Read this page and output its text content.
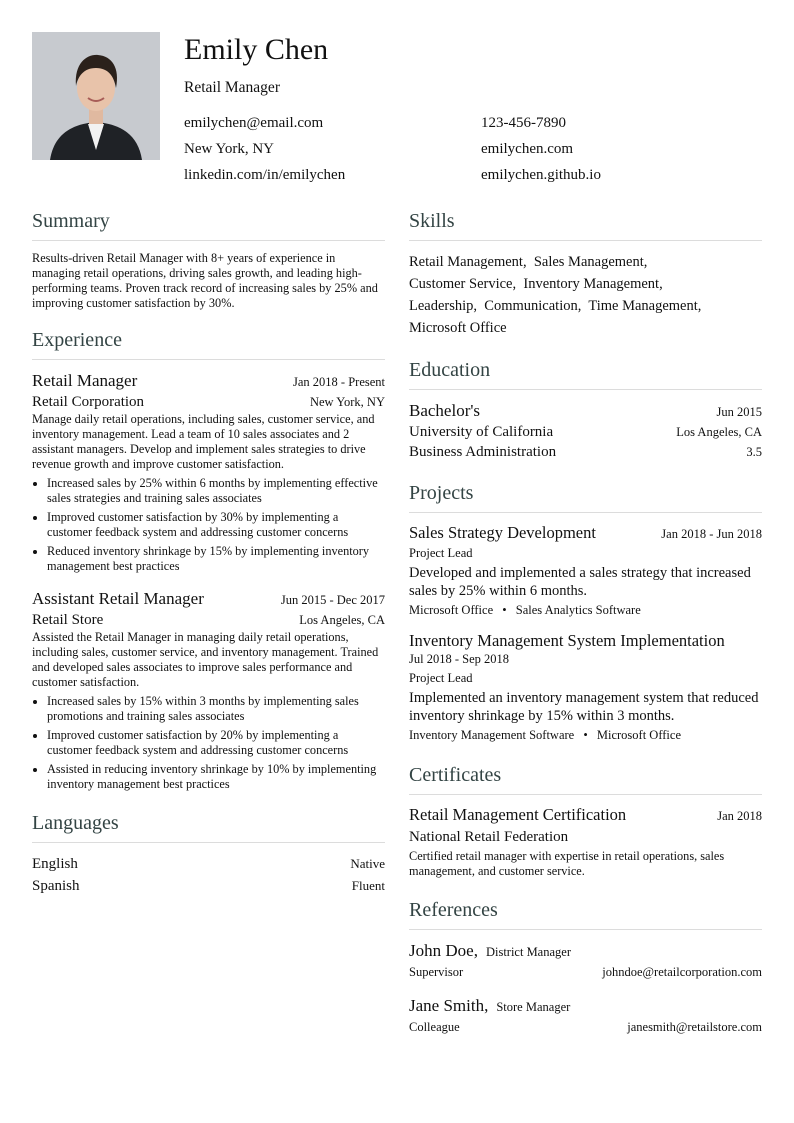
Emily Chen
Retail Manager
emilychen@email.com	123-456-7890
New York, NY	emilychen.com
linkedin.com/in/emilychen	emilychen.github.io
Summary
Results-driven Retail Manager with 8+ years of experience in managing retail operations, driving sales growth, and leading high-performing teams. Proven track record of increasing sales by 25% and improving customer satisfaction by 30%.
Experience
Retail Manager	Jan 2018 - Present
Retail Corporation	New York, NY
Manage daily retail operations, including sales, customer service, and inventory management. Lead a team of 10 sales associates and 2 assistant managers. Develop and implement sales strategies to drive revenue growth and improve customer satisfaction.
• Increased sales by 25% within 6 months by implementing effective sales strategies and training sales associates
• Improved customer satisfaction by 30% by implementing a customer feedback system and addressing customer concerns
• Reduced inventory shrinkage by 15% by implementing inventory management best practices
Assistant Retail Manager	Jun 2015 - Dec 2017
Retail Store	Los Angeles, CA
Assisted the Retail Manager in managing daily retail operations, including sales, customer service, and inventory management. Trained and developed sales associates to improve sales performance and customer satisfaction.
• Increased sales by 15% within 3 months by implementing sales promotions and training sales associates
• Improved customer satisfaction by 20% by implementing a customer feedback system and addressing customer concerns
• Assisted in reducing inventory shrinkage by 10% by implementing inventory management best practices
Languages
English	Native
Spanish	Fluent
Skills
Retail Management, Sales Management,
Customer Service, Inventory Management,
Leadership, Communication, Time Management,
Microsoft Office
Education
Bachelor's	Jun 2015
University of California	Los Angeles, CA
Business Administration	3.5
Projects
Sales Strategy Development	Jan 2018 - Jun 2018
Project Lead
Developed and implemented a sales strategy that increased sales by 25% within 6 months.
Microsoft Office • Sales Analytics Software
Inventory Management System Implementation
Jul 2018 - Sep 2018
Project Lead
Implemented an inventory management system that reduced inventory shrinkage by 15% within 3 months.
Inventory Management Software • Microsoft Office
Certificates
Retail Management Certification	Jan 2018
National Retail Federation
Certified retail manager with expertise in retail operations, sales management, and customer service.
References
John Doe, District Manager
Supervisor	johndoe@retailcorporation.com
Jane Smith, Store Manager
Colleague	janesmith@retailstore.com
